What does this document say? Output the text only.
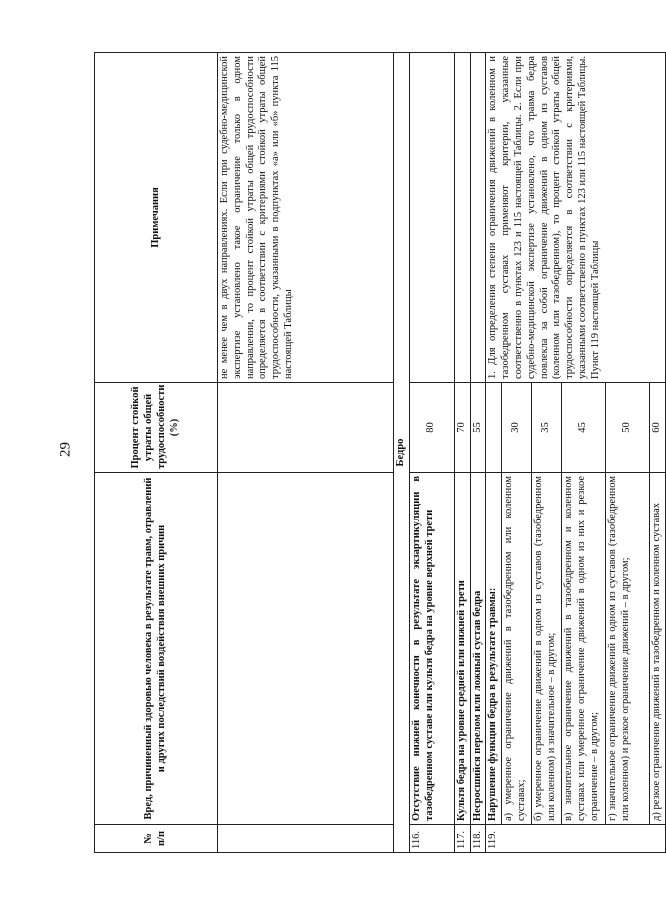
29
№ п/п	Вред, причиненный здоровью человека в результате травм, отравлений и других последствий воздействия внешних причин	Процент стойкой утраты общей трудоспособности (%)	Примечания
			не менее чем в двух направлениях. Если при судебно-медицинской экспертизе установлено такое ограничение только в одном направлении, то процент стойкой утраты общей трудоспособности определяется в соответствии с критериями стойкой утраты общей трудоспособности, указанными в подпунктах «а» или «б» пункта 115 настоящей Таблицы
Бедро			
116.	Отсутствие нижней конечности в результате экзартикуляции в тазобедренном суставе или культя бедра на уровне верхней трети	80	
117.	Культя бедра на уровне средней или нижней трети	70	
118.	Несросшийся перелом или ложный сустав бедра	55	
119.	Нарушение функции бедра в результате травмы:		1. Для определения степени ограничения движений в коленном и тазобедренном суставах применяют критерии, указанные соответственно в пунктах 123 и 115 настоящей Таблицы. 2. Если при судебно-медицинской экспертизе установлено, что травма бедра повлекла за собой ограничение движений в одном из суставов (коленном или тазобедренном), то процент стойкой утраты общей трудоспособности определяется в соответствии с критериями, указанными соответственно в пунктах 123 или 115 настоящей Таблицы. Пункт 119 настоящей Таблицы
	а) умеренное ограничение движений в тазобедренном или коленном суставах;	30	
	б) умеренное ограничение движений в одном из суставов (тазобедренном или коленном) и значительное – в другом;	35	
	в) значительное ограничение движений в тазобедренном и коленном суставах или умеренное ограничение движений в одном из них и резкое ограничение – в другом;	45	
	г) значительное ограничение движений в одном из суставов (тазобедренном или коленном) и резкое ограничение движений – в другом;	50	
	д) резкое ограничение движений в тазобедренном и коленном суставах	60	
